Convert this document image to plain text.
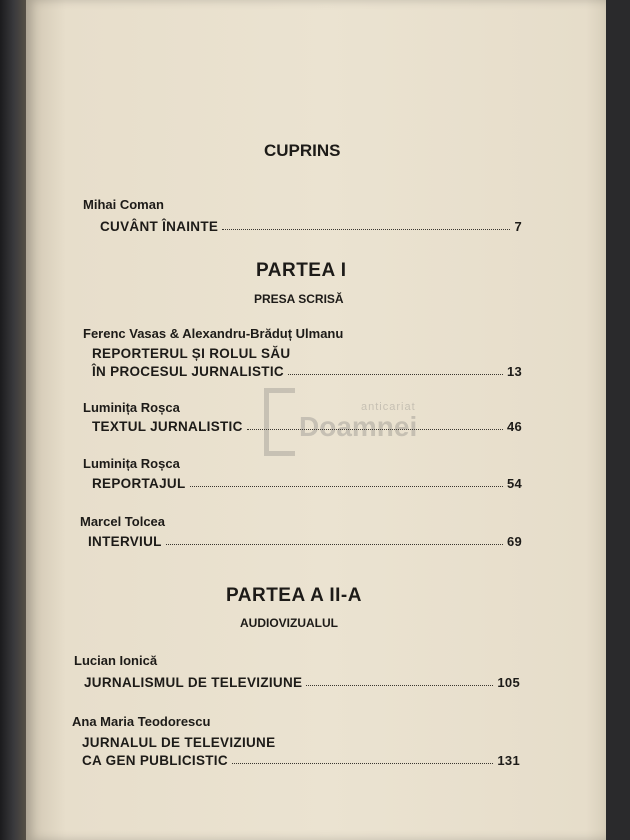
anticariat
Doamnei
CUPRINS
Mihai Coman
CUVÂNT ÎNAINTE	7
PARTEA I
PRESA SCRISĂ
Ferenc Vasas & Alexandru-Brăduț Ulmanu
REPORTERUL ȘI ROLUL SĂU
ÎN PROCESUL JURNALISTIC	13
Luminița Roșca
TEXTUL JURNALISTIC	46
Luminița Roșca
REPORTAJUL	54
Marcel Tolcea
INTERVIUL	69
PARTEA A II-A
AUDIOVIZUALUL
Lucian Ionică
JURNALISMUL DE TELEVIZIUNE	105
Ana Maria Teodorescu
JURNALUL DE TELEVIZIUNE
CA GEN PUBLICISTIC	131
